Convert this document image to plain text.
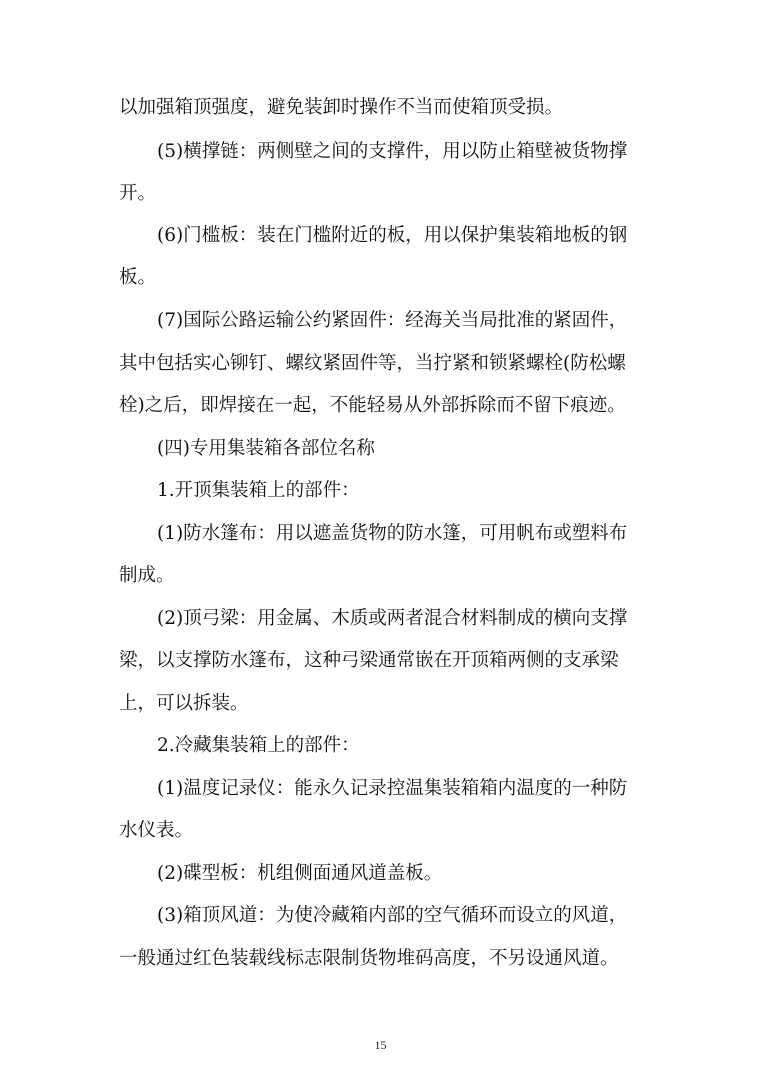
以加强箱顶强度，避免装卸时操作不当而使箱顶受损。
(5)横撑链：两侧壁之间的支撑件，用以防止箱壁被货物撑
开。
(6)门槛板：装在门槛附近的板，用以保护集装箱地板的钢
板。
(7)国际公路运输公约紧固件：经海关当局批准的紧固件，
其中包括实心铆钉、螺纹紧固件等，当拧紧和锁紧螺栓(防松螺
栓)之后，即焊接在一起，不能轻易从外部拆除而不留下痕迹。
(四)专用集装箱各部位名称
1.开顶集装箱上的部件：
(1)防水篷布：用以遮盖货物的防水篷，可用帆布或塑料布
制成。
(2)顶弓梁：用金属、木质或两者混合材料制成的横向支撑
梁，以支撑防水篷布，这种弓梁通常嵌在开顶箱两侧的支承梁
上，可以拆装。
2.冷藏集装箱上的部件：
(1)温度记录仪：能永久记录控温集装箱箱内温度的一种防
水仪表。
(2)碟型板：机组侧面通风道盖板。
(3)箱顶风道：为使冷藏箱内部的空气循环而设立的风道，
一般通过红色装载线标志限制货物堆码高度，不另设通风道。
15
